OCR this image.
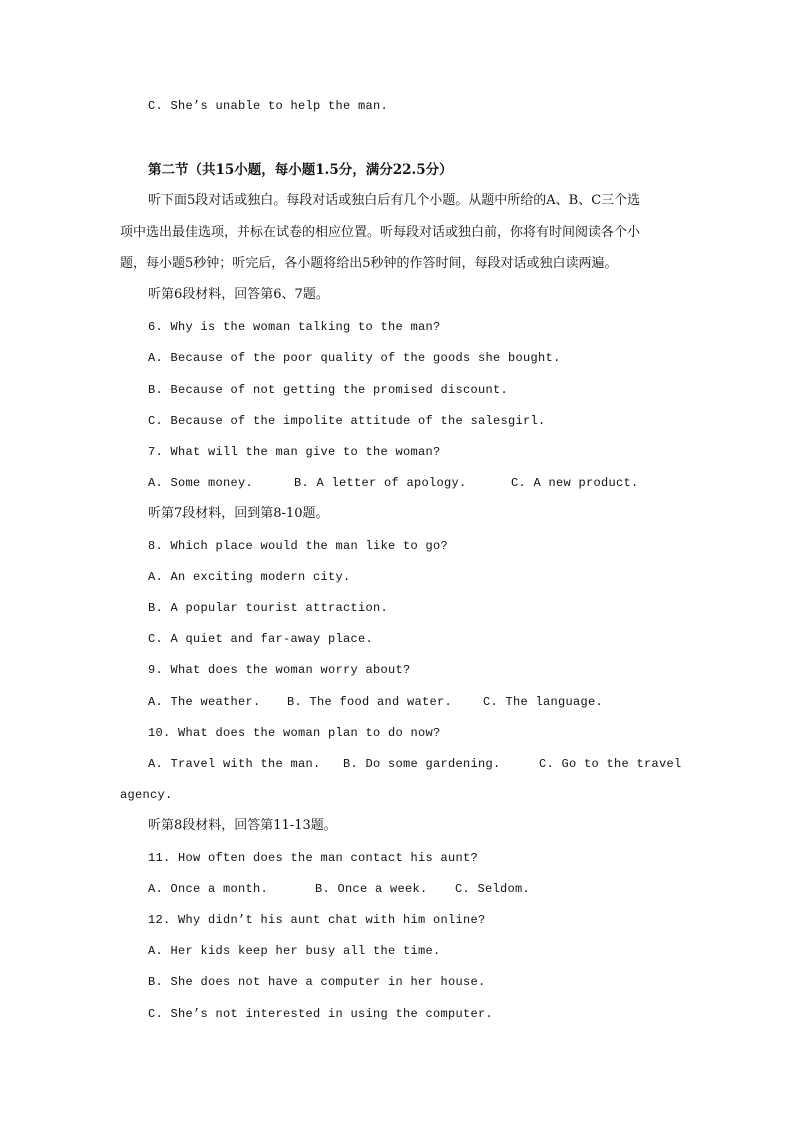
C. She’s unable to help the man.
第二节（共15小题，每小题1.5分，满分22.5分）
听下面5段对话或独白。每段对话或独白后有几个小题。从题中所给的A、B、C三个选
项中选出最佳选项，并标在试卷的相应位置。听每段对话或独白前，你将有时间阅读各个小
题，每小题5秒钟；听完后，各小题将给出5秒钟的作答时间，每段对话或独白读两遍。
听第6段材料，回答第6、7题。
6. Why is the woman talking to the man?
A. Because of the poor quality of the goods she bought.
B. Because of not getting the promised discount.
C. Because of the impolite attitude of the salesgirl.
7. What will the man give to the woman?
A. Some money.	B. A letter of apology.	C. A new product.
听第7段材料，回到第8-10题。
8. Which place would the man like to go?
A. An exciting modern city.
B. A popular tourist attraction.
C. A quiet and far-away place.
9. What does the woman worry about?
A. The weather. B. The food and water.	C. The language.
10. What does the woman plan to do now?
A. Travel with the man. B. Do some gardening.	C. Go to the travel
agency.
听第8段材料，回答第11-13题。
11. How often does the man contact his aunt?
A. Once a month.	B. Once a week. C. Seldom.
12. Why didn’t his aunt chat with him online?
A. Her kids keep her busy all the time.
B. She does not have a computer in her house.
C. She’s not interested in using the computer.
